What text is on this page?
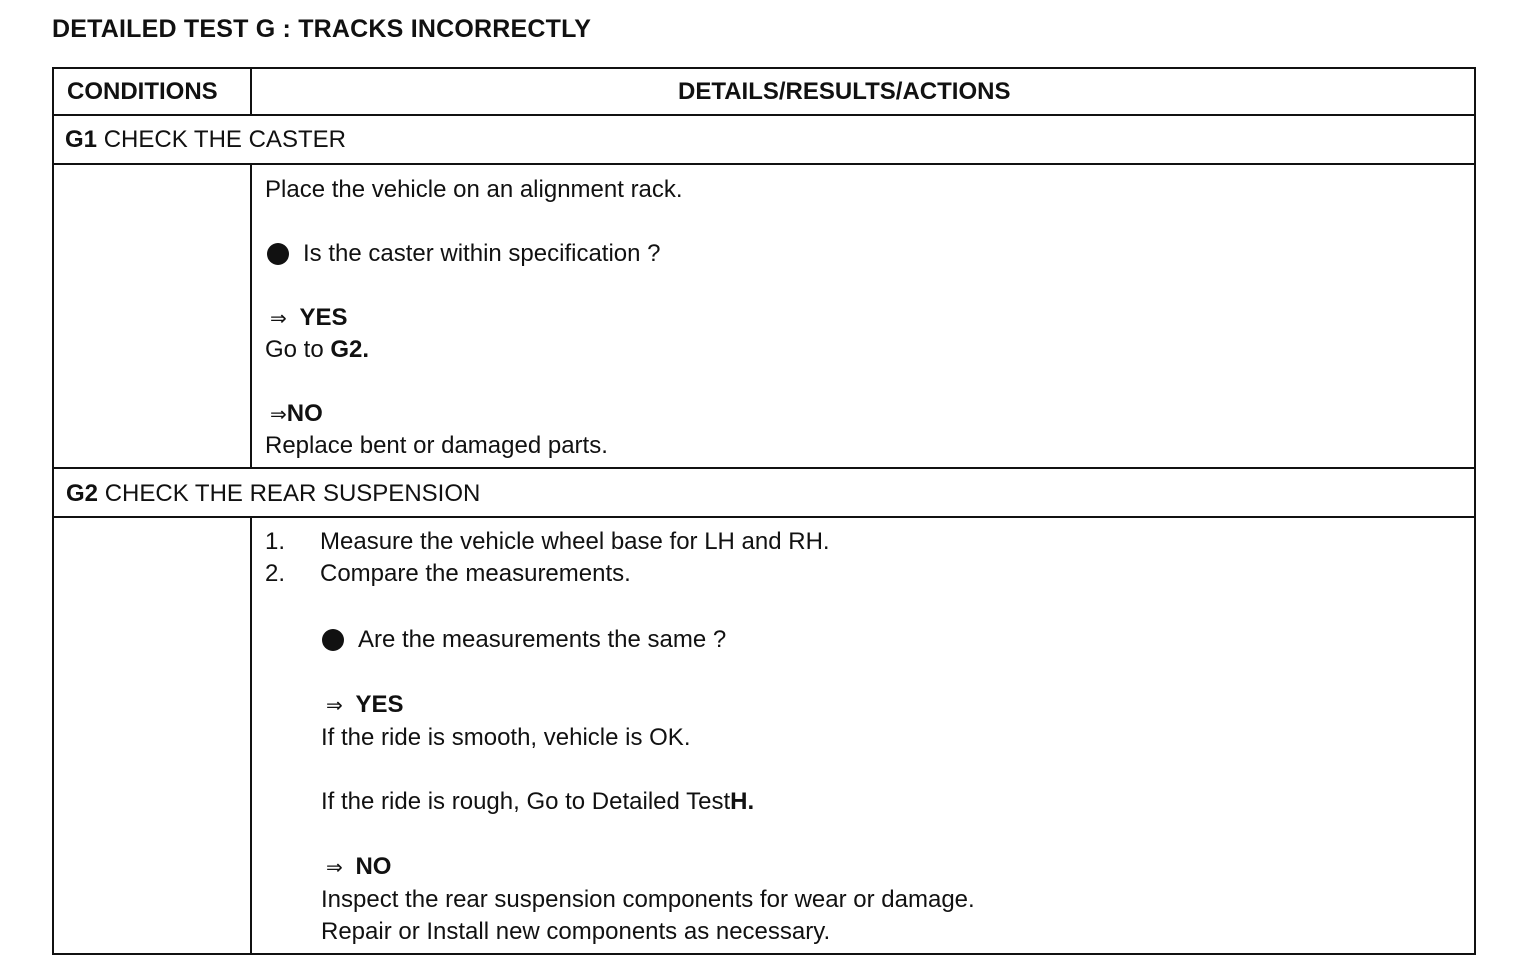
DETAILED TEST G : TRACKS INCORRECTLY
CONDITIONS	DETAILS/RESULTS/ACTIONS
G1 CHECK THE CASTER
Place the vehicle on an alignment rack.
Is the caster within specification ?
⇒ YES
Go to G2.
⇒NO
Replace bent or damaged parts.
G2 CHECK THE REAR SUSPENSION
1. Measure the vehicle wheel base for LH and RH.
2. Compare the measurements.
Are the measurements the same ?
⇒ YES
If the ride is smooth, vehicle is OK.
If the ride is rough, Go to Detailed TestH.
⇒ NO
Inspect the rear suspension components for wear or damage.
Repair or Install new components as necessary.
